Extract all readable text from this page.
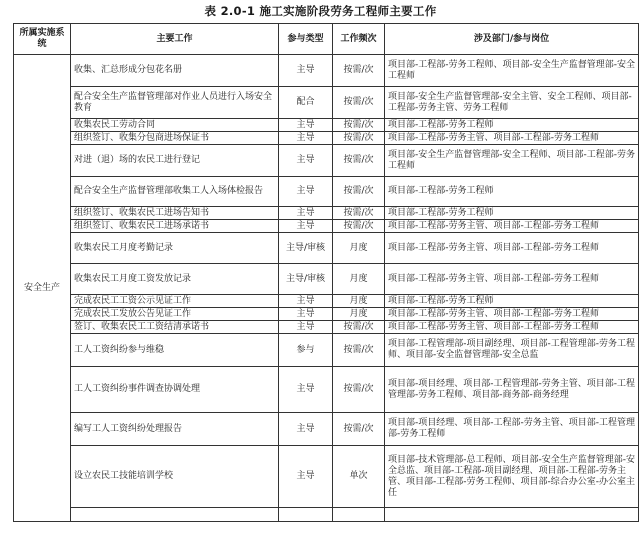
表 2.0-1 施工实施阶段劳务工程师主要工作
所属实施系统	主要工作	参与类型	工作频次	涉及部门/参与岗位
安全生产	收集、汇总形成分包花名册	主导	按需/次	项目部-工程部-劳务工程师、项目部-安全生产监督管理部-安全工程师
	配合安全生产监督管理部对作业人员进行入场安全教育	配合	按需/次	项目部-安全生产监督管理部-安全主管、安全工程师、项目部-工程部-劳务主管、劳务工程师
	收集农民工劳动合同	主导	按需/次	项目部-工程部-劳务工程师
	组织签订、收集分包商进场保证书	主导	按需/次	项目部-工程部-劳务主管、项目部-工程部-劳务工程师
	对进（退）场的农民工进行登记	主导	按需/次	项目部-安全生产监督管理部-安全工程师、项目部-工程部-劳务工程师
	配合安全生产监督管理部收集工人入场体检报告	主导	按需/次	项目部-工程部-劳务工程师
	组织签订、收集农民工进场告知书	主导	按需/次	项目部-工程部-劳务工程师
	组织签订、收集农民工进场承诺书	主导	按需/次	项目部-工程部-劳务主管、项目部-工程部-劳务工程师
	收集农民工月度考勤记录	主导/审核	月度	项目部-工程部-劳务主管、项目部-工程部-劳务工程师
	收集农民工月度工资发放记录	主导/审核	月度	项目部-工程部-劳务主管、项目部-工程部-劳务工程师
	完成农民工工资公示见证工作	主导	月度	项目部-工程部-劳务工程师
	完成农民工发放公告见证工作	主导	月度	项目部-工程部-劳务主管、项目部-工程部-劳务工程师
	签订、收集农民工工资结清承诺书	主导	按需/次	项目部-工程部-劳务主管、项目部-工程部-劳务工程师
	工人工资纠纷参与维稳	参与	按需/次	项目部-工程管理部-项目副经理、项目部-工程管理部-劳务工程师、项目部-安全监督管理部-安全总监
	工人工资纠纷事件调查协调处理	主导	按需/次	项目部-项目经理、项目部-工程管理部-劳务主管、项目部-工程管理部-劳务工程师、项目部-商务部-商务经理
	编写工人工资纠纷处理报告	主导	按需/次	项目部-项目经理、项目部-工程部-劳务主管、项目部-工程管理部-劳务工程师
	设立农民工技能培训学校	主导	单次	项目部-技术管理部-总工程师、项目部-安全生产监督管理部-安全总监、项目部-工程部-项目副经理、项目部-工程部-劳务主管、项目部-工程部-劳务工程师、项目部-综合办公室-办公室主任
